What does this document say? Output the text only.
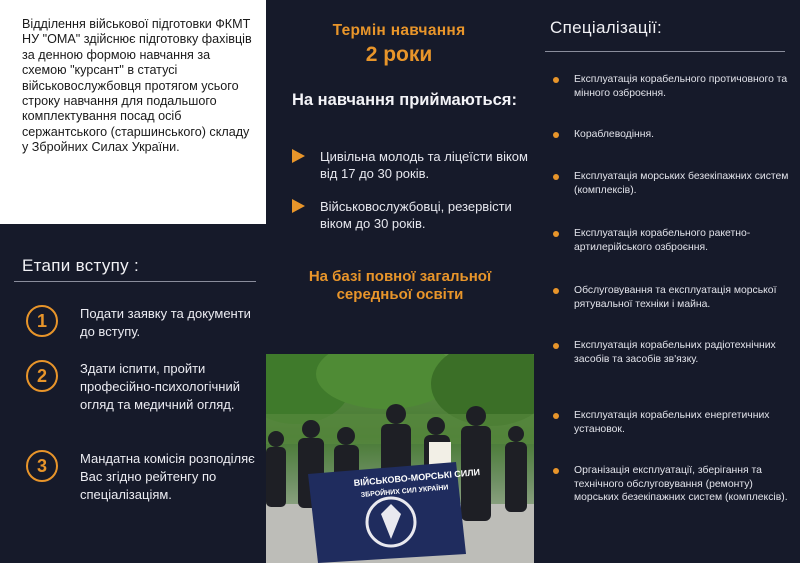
Відділення військової підготовки ФКМТ НУ "ОМА" здійснює підготовку фахівців за денною формою навчання за схемою "курсант" в статусі військовослужбовця протягом усього строку навчання для подальшого комплектування посад осіб сержантського (старшинського) складу у Збройних Силах України.
Етапи вступу :
1	Подати заявку та документи до вступу.
2	Здати іспити, пройти професійно-психологічний огляд та медичний огляд.
3	Мандатна комісія розподіляє Вас згідно рейтенгу по спеціалізаціям.
Термін навчання
2 роки
На навчання приймаються:
Цивільна молодь та ліцеїсти віком від 17 до 30 років.
Військовослужбовці, резервісти віком до 30 років.
На базі повної загальної середньої освіти
ВІЙСЬКОВО-МОРСЬКІ СИЛИ
ЗБРОЙНИХ СИЛ УКРАЇНИ
Спеціалізації:
Експлуатація корабельного протичовного та мінного озброєння.
Кораблеводіння.
Експлуатація морських безекіпажних систем (комплексів).
Експлуатація корабельного ракетно-артилерійського озброєння.
Обслуговування та експлуатація морської рятувальної техніки і майна.
Експлуатація корабельних радіотехнічних засобів та засобів зв'язку.
Експлуатація корабельних енергетичних установок.
Організація експлуатації, зберігання та технічного обслуговування (ремонту) морських безекіпажних систем (комплексів).
